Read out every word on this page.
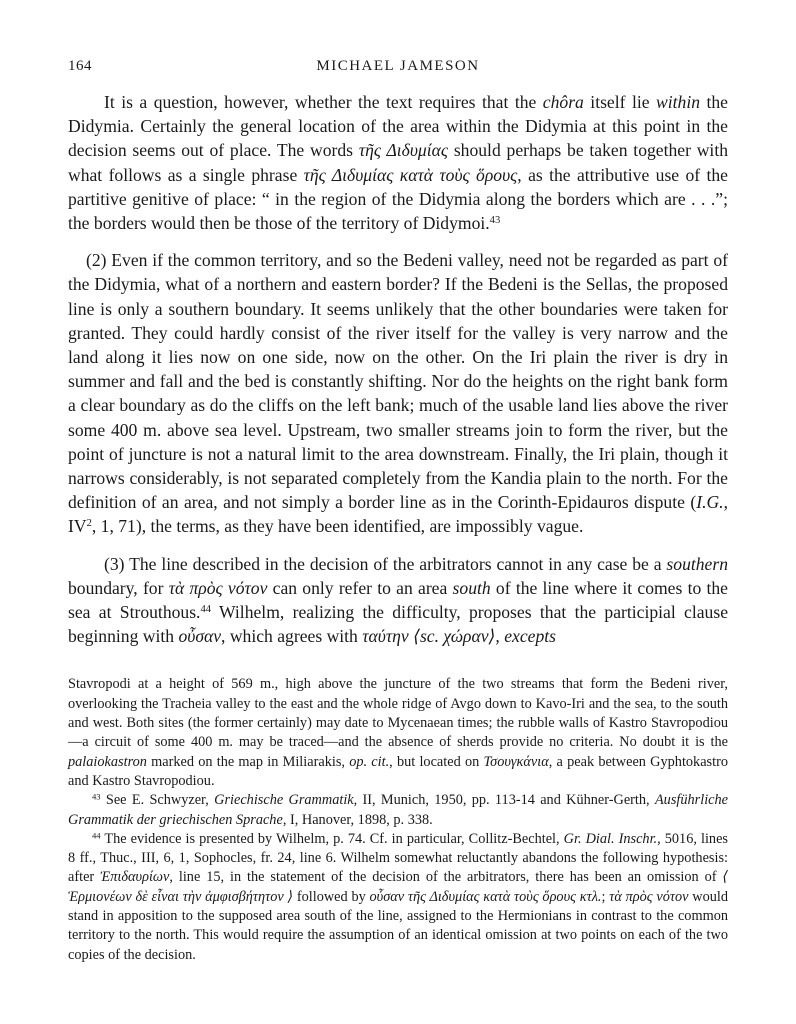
164	MICHAEL JAMESON

It is a question, however, whether the text requires that the chôra itself lie within the Didymia. Certainly the general location of the area within the Didymia at this point in the decision seems out of place. The words τῆς Διδυμίας should perhaps be taken together with what follows as a single phrase τῆς Διδυμίας κατὰ τοὺς ὅρους, as the attributive use of the partitive genitive of place: “ in the region of the Didymia along the borders which are . . .”; the borders would then be those of the territory of Didymoi.$^{43}$

(2) Even if the common territory, and so the Bedeni valley, need not be regarded as part of the Didymia, what of a northern and eastern border? If the Bedeni is the Sellas, the proposed line is only a southern boundary. It seems unlikely that the other boundaries were taken for granted. They could hardly consist of the river itself for the valley is very narrow and the land along it lies now on one side, now on the other. On the Iri plain the river is dry in summer and fall and the bed is constantly shifting. Nor do the heights on the right bank form a clear boundary as do the cliffs on the left bank; much of the usable land lies above the river some 400 m. above sea level. Upstream, two smaller streams join to form the river, but the point of juncture is not a natural limit to the area downstream. Finally, the Iri plain, though it narrows considerably, is not separated completely from the Kandia plain to the north. For the definition of an area, and not simply a border line as in the Corinth-Epidauros dispute (I.G., $IV^2$, 1, 71), the terms, as they have been identified, are impossibly vague.

(3) The line described in the decision of the arbitrators cannot in any case be a southern boundary, for τὰ πρὸς νότον can only refer to an area south of the line where it comes to the sea at Strouthous.$^{44}$ Wilhelm, realizing the difficulty, proposes that the participial clause beginning with οὖσαν, which agrees with ταύτην ⟨sc. χώραν⟩, excepts

Stavropodi at a height of 569 m., high above the juncture of the two streams that form the Bedeni river, overlooking the Tracheia valley to the east and the whole ridge of Avgo down to Kavo-Iri and the sea, to the south and west. Both sites (the former certainly) may date to Mycenaean times; the rubble walls of Kastro Stavropodiou—a circuit of some 400 m. may be traced—and the absence of sherds provide no criteria. No doubt it is the palaiokastron marked on the map in Miliarakis, op. cit., but located on Τσουγκάνια, a peak between Gyphtokastro and Kastro Stavropodiou.

$^{43}$ See E. Schwyzer, Griechische Grammatik, II, Munich, 1950, pp. 113-14 and Kühner-Gerth, Ausführliche Grammatik der griechischen Sprache, I, Hanover, 1898, p. 338.

$^{44}$ The evidence is presented by Wilhelm, p. 74. Cf. in particular, Collitz-Bechtel, Gr. Dial. Inschr., 5016, lines 8 ff., Thuc., III, 6, 1, Sophocles, fr. 24, line 6. Wilhelm somewhat reluctantly abandons the following hypothesis: after Ἐπιδαυρίων, line 15, in the statement of the decision of the arbitrators, there has been an omission of ⟨ Ἑρμιονέων δὲ εἶναι τὴν ἀμφισβήτητον ⟩ followed by οὖσαν τῆς Διδυμίας κατὰ τοὺς ὅρους κτλ.; τὰ πρὸς νότον would stand in apposition to the supposed area south of the line, assigned to the Hermionians in contrast to the common territory to the north. This would require the assumption of an identical omission at two points on each of the two copies of the decision.
